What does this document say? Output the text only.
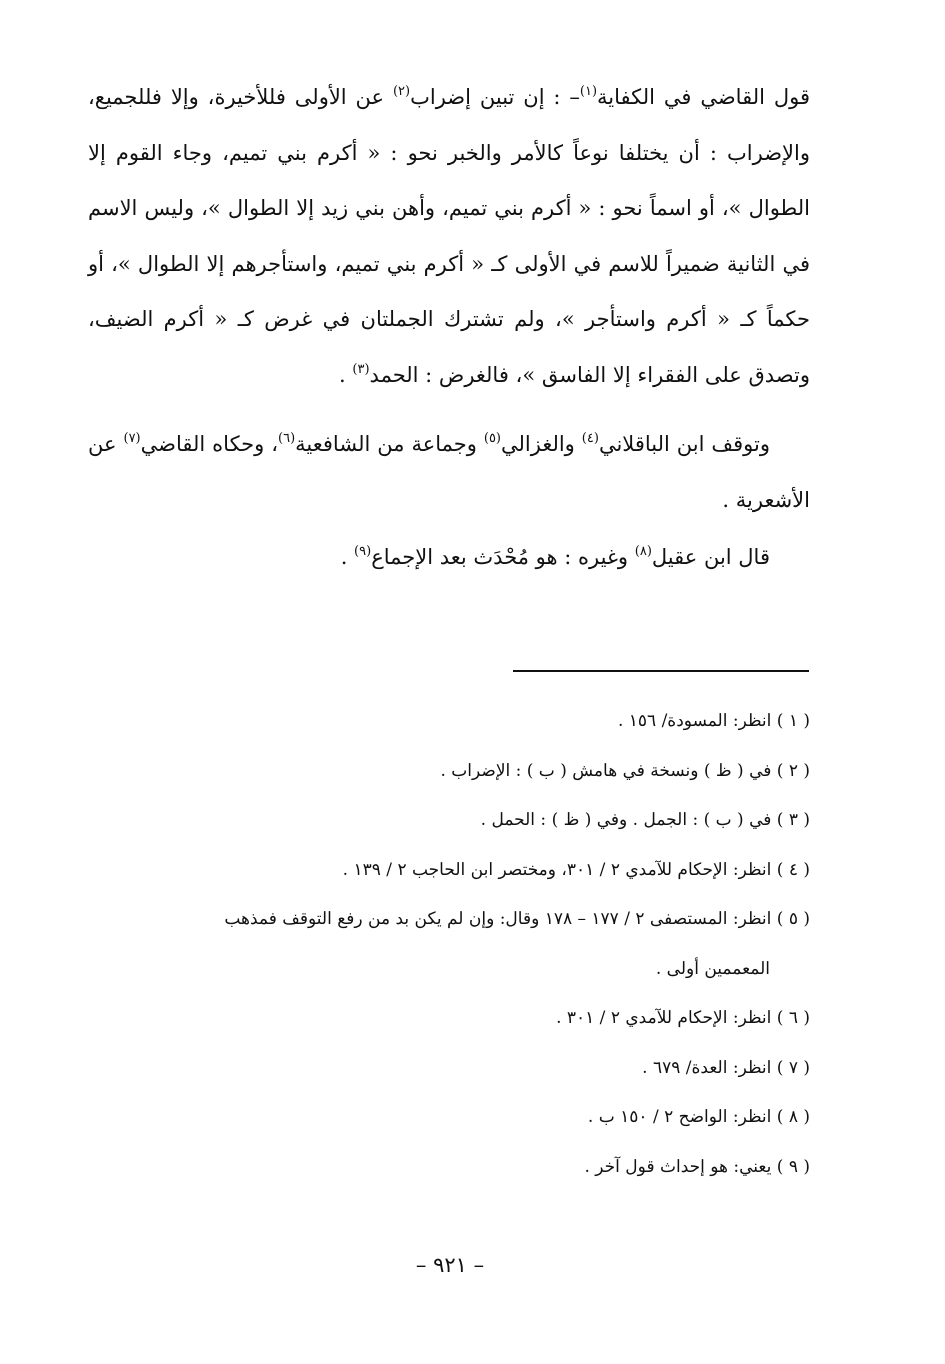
قول القاضي في الكفاية$^{(١)}$– : إن تبين إضراب$^{(٢)}$ عن الأولى فللأخيرة، وإلا فللجميع، والإضراب : أن يختلفا نوعاً كالأمر والخبر نحو : « أكرم بني تميم، وجاء القوم إلا الطوال »، أو اسماً نحو : « أكرم بني تميم، وأهن بني زيد إلا الطوال »، وليس الاسم في الثانية ضميراً للاسم في الأولى كـ « أكرم بني تميم، واستأجرهم إلا الطوال »، أو حكماً كـ « أكرم واستأجر »، ولم تشترك الجملتان في غرض كـ « أكرم الضيف، وتصدق على الفقراء إلا الفاسق »، فالغرض : الحمد$^{(٣)}$ .

وتوقف ابن الباقلاني$^{(٤)}$ والغزالي$^{(٥)}$ وجماعة من الشافعية$^{(٦)}$، وحكاه القاضي$^{(٧)}$ عن الأشعرية .

قال ابن عقيل$^{(٨)}$ وغيره : هو مُحْدَث بعد الإجماع$^{(٩)}$ .

( ١ ) انظر: المسودة/ ١٥٦ .

( ٢ ) في ( ظ ) ونسخة في هامش ( ب ) : الإضراب .

( ٣ ) في ( ب ) : الجمل . وفي ( ظ ) : الحمل .

( ٤ ) انظر: الإحكام للآمدي ٢ / ٣٠١، ومختصر ابن الحاجب ٢ / ١٣٩ .

( ٥ ) انظر: المستصفى ٢ / ١٧٧ – ١٧٨ وقال: وإن لم يكن بد من رفع التوقف فمذهب

المعممين أولى .

( ٦ ) انظر: الإحكام للآمدي ٢ / ٣٠١ .

( ٧ ) انظر: العدة/ ٦٧٩ .

( ٨ ) انظر: الواضح ٢ / ١٥٠ ب .

( ٩ ) يعني: هو إحداث قول آخر .

– ٩٢١ –
